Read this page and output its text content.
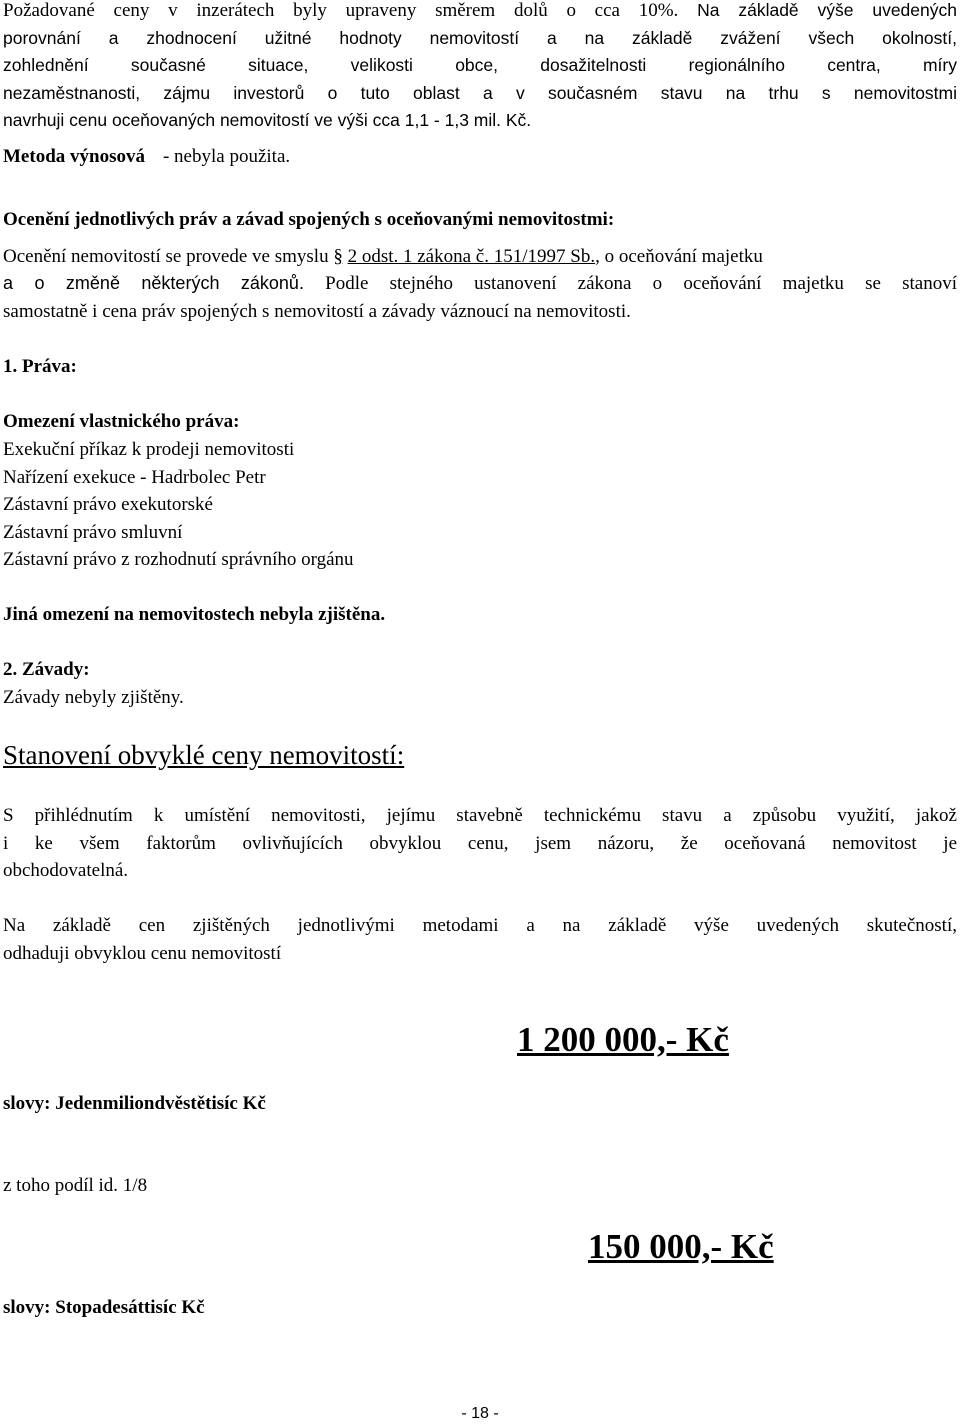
Požadované ceny v inzerátech byly upraveny směrem dolů o cca 10%. Na základě výše uvedených
porovnání a zhodnocení užitné hodnoty nemovitostí a na základě zvážení všech okolností,
zohlednění současné situace, velikosti obce, dosažitelnosti regionálního centra, míry
nezaměstnanosti, zájmu investorů o tuto oblast a v současném stavu na trhu s nemovitostmi
navrhuji cenu oceňovaných nemovitostí ve výši cca 1,1 - 1,3 mil. Kč.
Metoda výnosová - nebyla použita.
Ocenění jednotlivých práv a závad spojených s oceňovanými nemovitostmi:
Ocenění nemovitostí se provede ve smyslu § 2 odst. 1 zákona č. 151/1997 Sb., o oceňování majetku
a o změně některých zákonů. Podle stejného ustanovení zákona o oceňování majetku se stanoví
samostatně i cena práv spojených s nemovitostí a závady váznoucí na nemovitosti.
1. Práva:
Omezení vlastnického práva:
Exekuční příkaz k prodeji nemovitosti
Nařízení exekuce - Hadrbolec Petr
Zástavní právo exekutorské
Zástavní právo smluvní
Zástavní právo z rozhodnutí správního orgánu
Jiná omezení na nemovitostech nebyla zjištěna.
2. Závady:
Závady nebyly zjištěny.
Stanovení obvyklé ceny nemovitostí:
S přihlédnutím k umístění nemovitosti, jejímu stavebně technickému stavu a způsobu využití, jakož
i ke všem faktorům ovlivňujících obvyklou cenu, jsem názoru, že oceňovaná nemovitost je
obchodovatelná.
Na základě cen zjištěných jednotlivými metodami a na základě výše uvedených skutečností,
odhaduji obvyklou cenu nemovitostí
1 200 000,- Kč
slovy: Jedenmiliondvěstětisíc Kč
z toho podíl id. 1/8
150 000,- Kč
slovy: Stopadesáttisíc Kč
- 18 -
